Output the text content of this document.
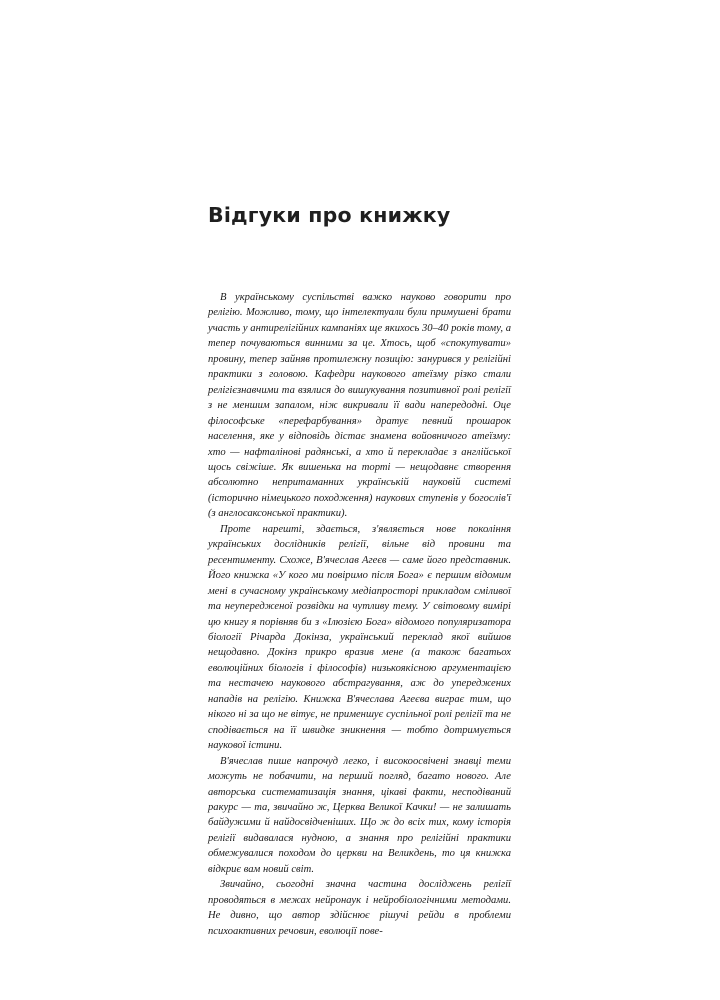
Відгуки про книжку

В українському суспільстві важко науково говорити про релігію. Можливо, тому, що інтелектуали були примушені брати участь у антирелігійних кампаніях ще якихось 30–40 років тому, а тепер почуваються винними за це. Хтось, щоб «спокутувати» провину, тепер зайняв протилежну позицію: занурився у релігійні практики з головою. Кафедри наукового атеїзму різко стали релігієзнавчими та взялися до вишукування позитивної ролі релігії з не меншим запалом, ніж викривали її вади напередодні. Оце філософське «перефарбування» дратує певний прошарок населення, яке у відповідь дістає знамена войовничого атеїзму: хто — нафталінові радянські, а хто й перекладає з англійської щось свіжіше. Як вишенька на торті — нещодавнє створення абсолютно непритаманних українській науковій системі (історично німецького походження) наукових ступенів у богослів'ї (з англосаксонської практики).

Проте нарешті, здається, з'являється нове покоління українських дослідників релігії, вільне від провини та ресентименту. Схоже, В'ячеслав Агеєв — саме його представник. Його книжка «У кого ми повіримо після Бога» є першим відомим мені в сучасному українському медіапросторі прикладом сміливої та неупередженої розвідки на чутливу тему. У світовому вимірі цю книгу я порівняв би з «Ілюзією Бога» відомого популяризатора біології Річарда Докінза, український переклад якої вийшов нещодавно. Докінз прикро вразив мене (а також багатьох еволюційних біологів і філософів) низькоякісною аргументацією та нестачею наукового абстрагування, аж до упереджених нападів на релігію. Книжка В'ячеслава Агеєва виграє тим, що нікого ні за що не вітує, не применшує суспільної ролі релігії та не сподівається на її швидке зникнення — тобто дотримується наукової істини.

В'ячеслав пише напрочуд легко, і високоосвічені знавці теми можуть не побачити, на перший погляд, багато нового. Але авторська систематизація знання, цікаві факти, несподіваний ракурс — та, звичайно ж, Церква Великої Качки! — не залишать байдужими й найдосвідченіших. Що ж до всіх тих, кому історія релігії видавалася нудною, а знання про релігійні практики обмежувалися походом до церкви на Великдень, то ця книжка відкриє вам новий світ.

Звичайно, сьогодні значна частина досліджень релігії проводяться в межах нейронаук і нейробіологічними методами. Не дивно, що автор здійснює рішучі рейди в проблеми психоактивних речовин, еволюції пове-
